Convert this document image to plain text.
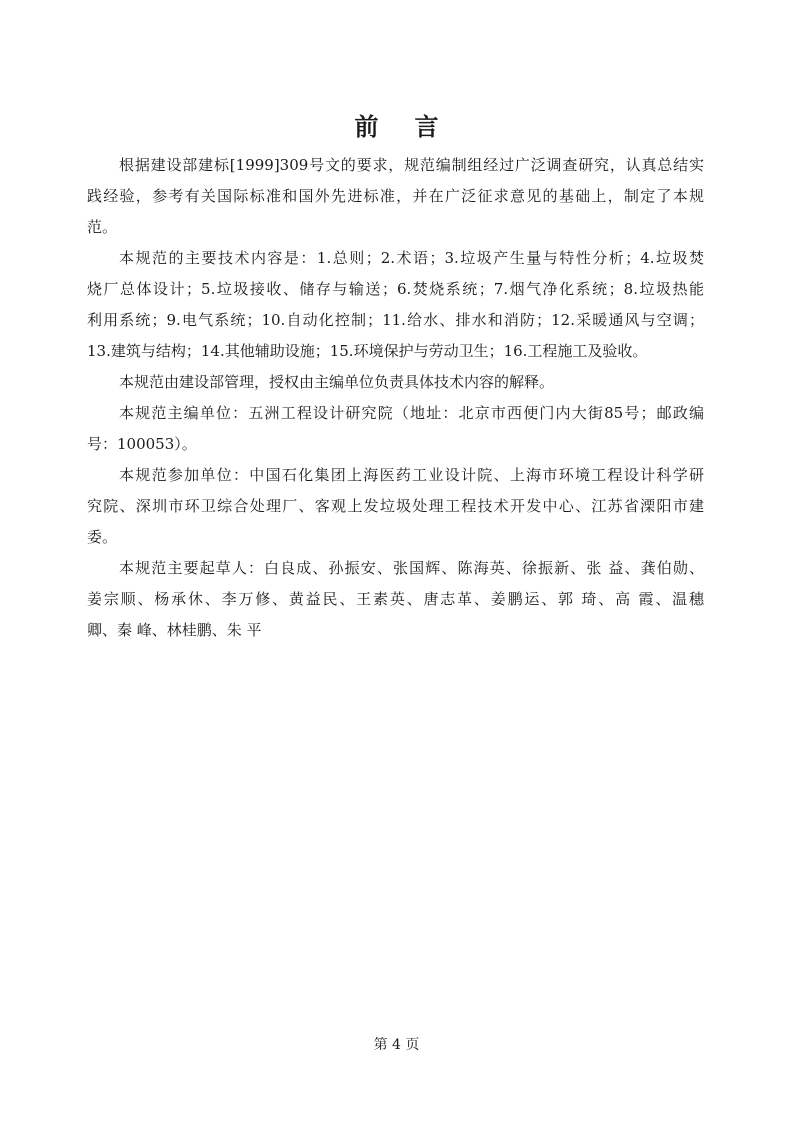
前言

根据建设部建标[1999]309号文的要求，规范编制组经过广泛调查研究，认真总结实
践经验，参考有关国际标准和国外先进标准，并在广泛征求意见的基础上，制定了本规
范。

本规范的主要技术内容是：1.总则；2.术语；3.垃圾产生量与特性分析；4.垃圾焚
烧厂总体设计；5.垃圾接收、储存与输送；6.焚烧系统；7.烟气净化系统；8.垃圾热能
利用系统；9.电气系统；10.自动化控制；11.给水、排水和消防；12.采暖通风与空调；
13.建筑与结构；14.其他辅助设施；15.环境保护与劳动卫生；16.工程施工及验收。

本规范由建设部管理，授权由主编单位负责具体技术内容的解释。

本规范主编单位：五洲工程设计研究院（地址：北京市西便门内大街85号；邮政编
号：100053）。

本规范参加单位：中国石化集团上海医药工业设计院、上海市环境工程设计科学研
究院、深圳市环卫综合处理厂、客观上发垃圾处理工程技术开发中心、江苏省溧阳市建
委。

本规范主要起草人：白良成、孙振安、张国辉、陈海英、徐振新、张 益、龚伯勋、
姜宗顺、杨承休、李万修、黄益民、王素英、唐志革、姜鹏运、郭 琦、高 霞、温穗
卿、秦 峰、林桂鹏、朱 平

第 4 页
